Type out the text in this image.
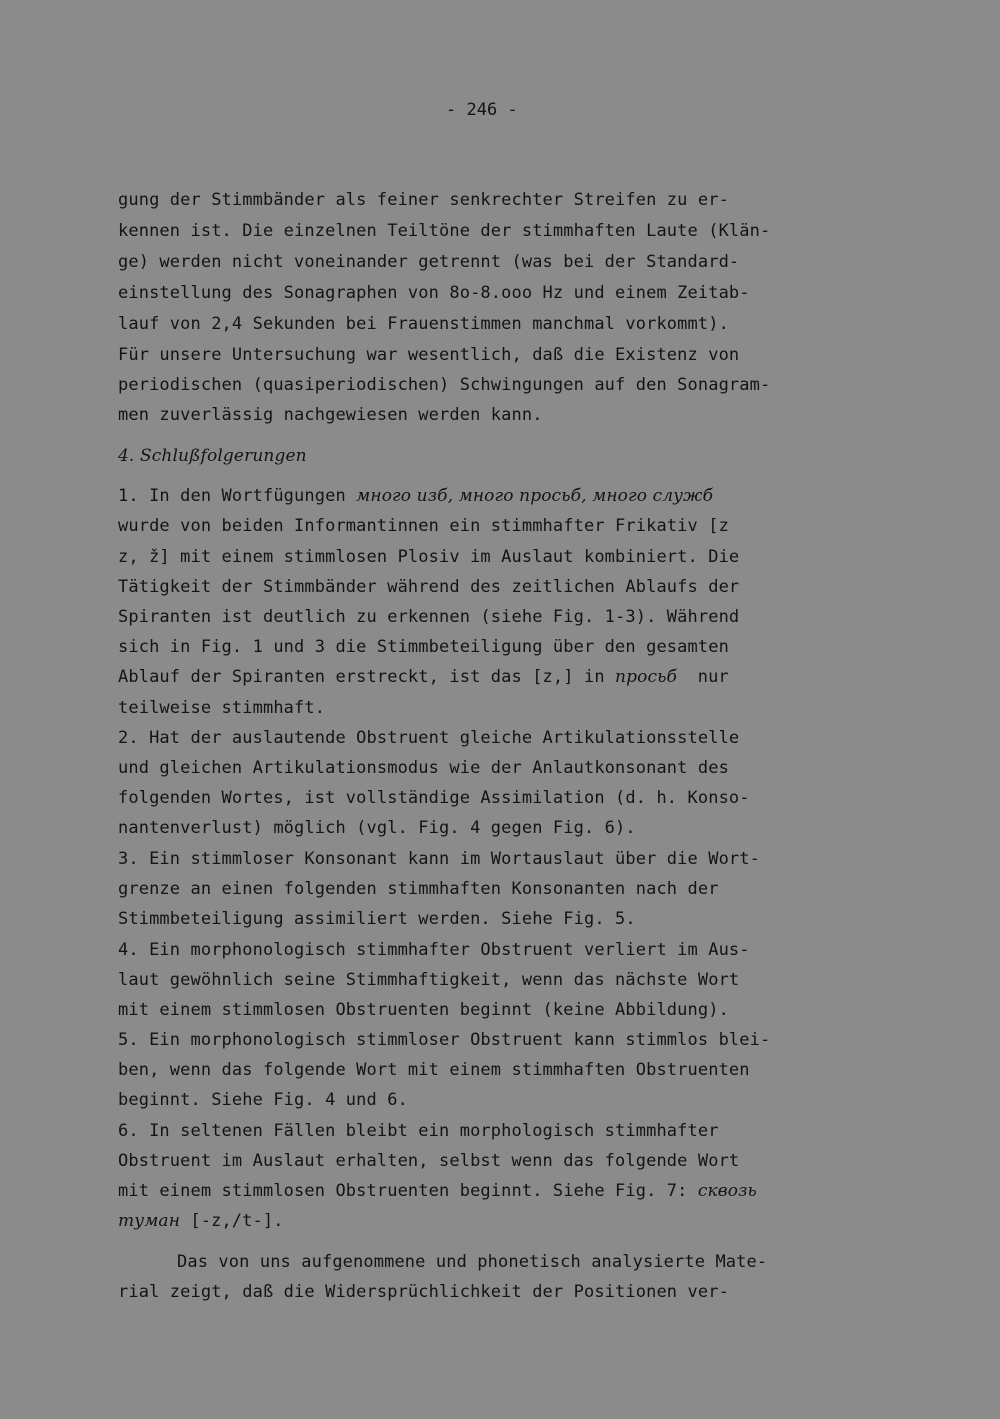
- 246 -
gung der Stimmbänder als feiner senkrechter Streifen zu er-
kennen ist. Die einzelnen Teiltöne der stimmhaften Laute (Klän-
ge) werden nicht voneinander getrennt (was bei der Standard-
einstellung des Sonagraphen von 8o-8.ooo Hz und einem Zeitab-
lauf von 2,4 Sekunden bei Frauenstimmen manchmal vorkommt).
Für unsere Untersuchung war wesentlich, daß die Existenz von
periodischen (quasiperiodischen) Schwingungen auf den Sonagram-
men zuverlässig nachgewiesen werden kann.
4. Schlußfolgerungen
1. In den Wortfügungen много изб, много просьб, много служб
wurde von beiden Informantinnen ein stimmhafter Frikativ [z
z, ž] mit einem stimmlosen Plosiv im Auslaut kombiniert. Die
Tätigkeit der Stimmbänder während des zeitlichen Ablaufs der
Spiranten ist deutlich zu erkennen (siehe Fig. 1-3). Während
sich in Fig. 1 und 3 die Stimmbeteiligung über den gesamten
Ablauf der Spiranten erstreckt, ist das [z,] in просьб  nur
teilweise stimmhaft.
2. Hat der auslautende Obstruent gleiche Artikulationsstelle
und gleichen Artikulationsmodus wie der Anlautkonsonant des
folgenden Wortes, ist vollständige Assimilation (d. h. Konso-
nantenverlust) möglich (vgl. Fig. 4 gegen Fig. 6).
3. Ein stimmloser Konsonant kann im Wortauslaut über die Wort-
grenze an einen folgenden stimmhaften Konsonanten nach der
Stimmbeteiligung assimiliert werden. Siehe Fig. 5.
4. Ein morphonologisch stimmhafter Obstruent verliert im Aus-
laut gewöhnlich seine Stimmhaftigkeit, wenn das nächste Wort
mit einem stimmlosen Obstruenten beginnt (keine Abbildung).
5. Ein morphonologisch stimmloser Obstruent kann stimmlos blei-
ben, wenn das folgende Wort mit einem stimmhaften Obstruenten
beginnt. Siehe Fig. 4 und 6.
6. In seltenen Fällen bleibt ein morphologisch stimmhafter
Obstruent im Auslaut erhalten, selbst wenn das folgende Wort
mit einem stimmlosen Obstruenten beginnt. Siehe Fig. 7: сквозь
туман [-z,/t-].
Das von uns aufgenommene und phonetisch analysierte Mate-
rial zeigt, daß die Widersprüchlichkeit der Positionen ver-
